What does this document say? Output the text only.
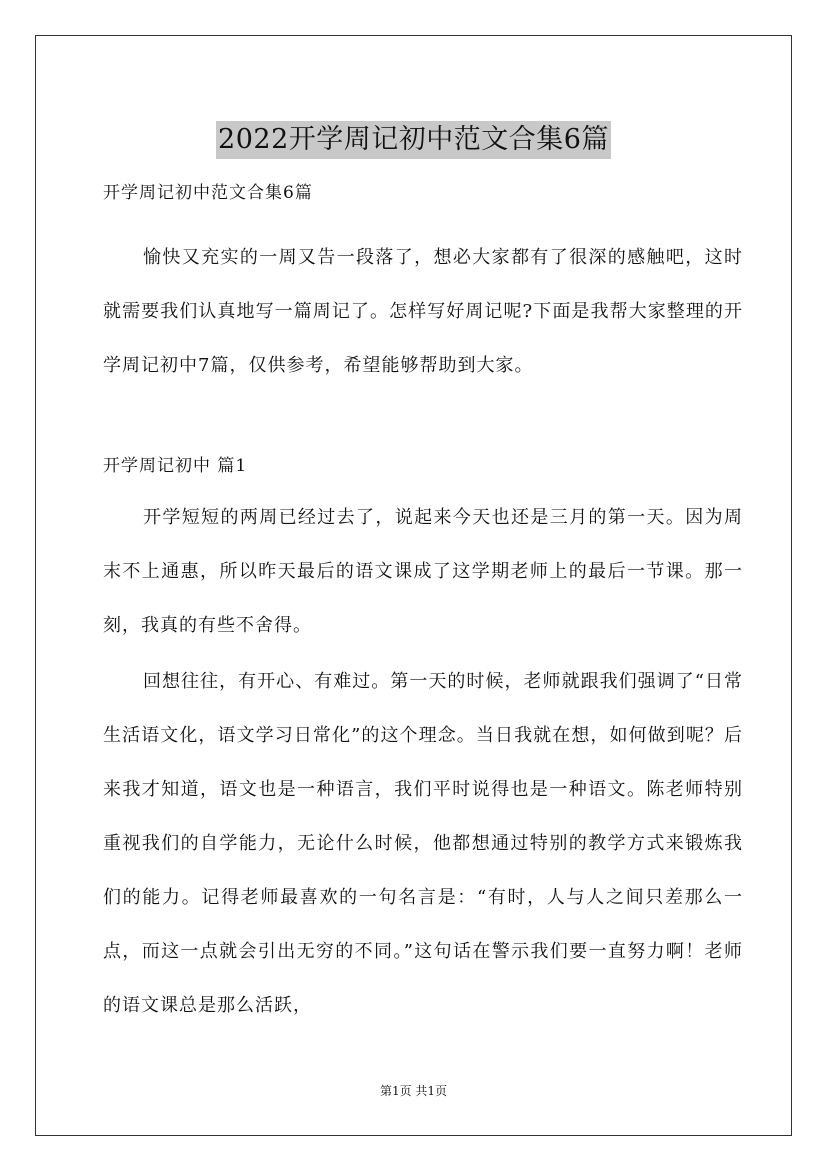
2022开学周记初中范文合集6篇
开学周记初中范文合集6篇

愉快又充实的一周又告一段落了，想必大家都有了很深的感触吧，这时就需要我们认真地写一篇周记了。怎样写好周记呢?下面是我帮大家整理的开学周记初中7篇，仅供参考，希望能够帮助到大家。

开学周记初中 篇1

开学短短的两周已经过去了，说起来今天也还是三月的第一天。因为周末不上通惠，所以昨天最后的语文课成了这学期老师上的最后一节课。那一刻，我真的有些不舍得。

回想往往，有开心、有难过。第一天的时候，老师就跟我们强调了“日常生活语文化，语文学习日常化”的这个理念。当日我就在想，如何做到呢？后来我才知道，语文也是一种语言，我们平时说得也是一种语文。陈老师特别重视我们的自学能力，无论什么时候，他都想通过特别的教学方式来锻炼我们的能力。记得老师最喜欢的一句名言是：“有时，人与人之间只差那么一点，而这一点就会引出无穷的不同。”这句话在警示我们要一直努力啊！老师的语文课总是那么活跃，

第1页 共1页
